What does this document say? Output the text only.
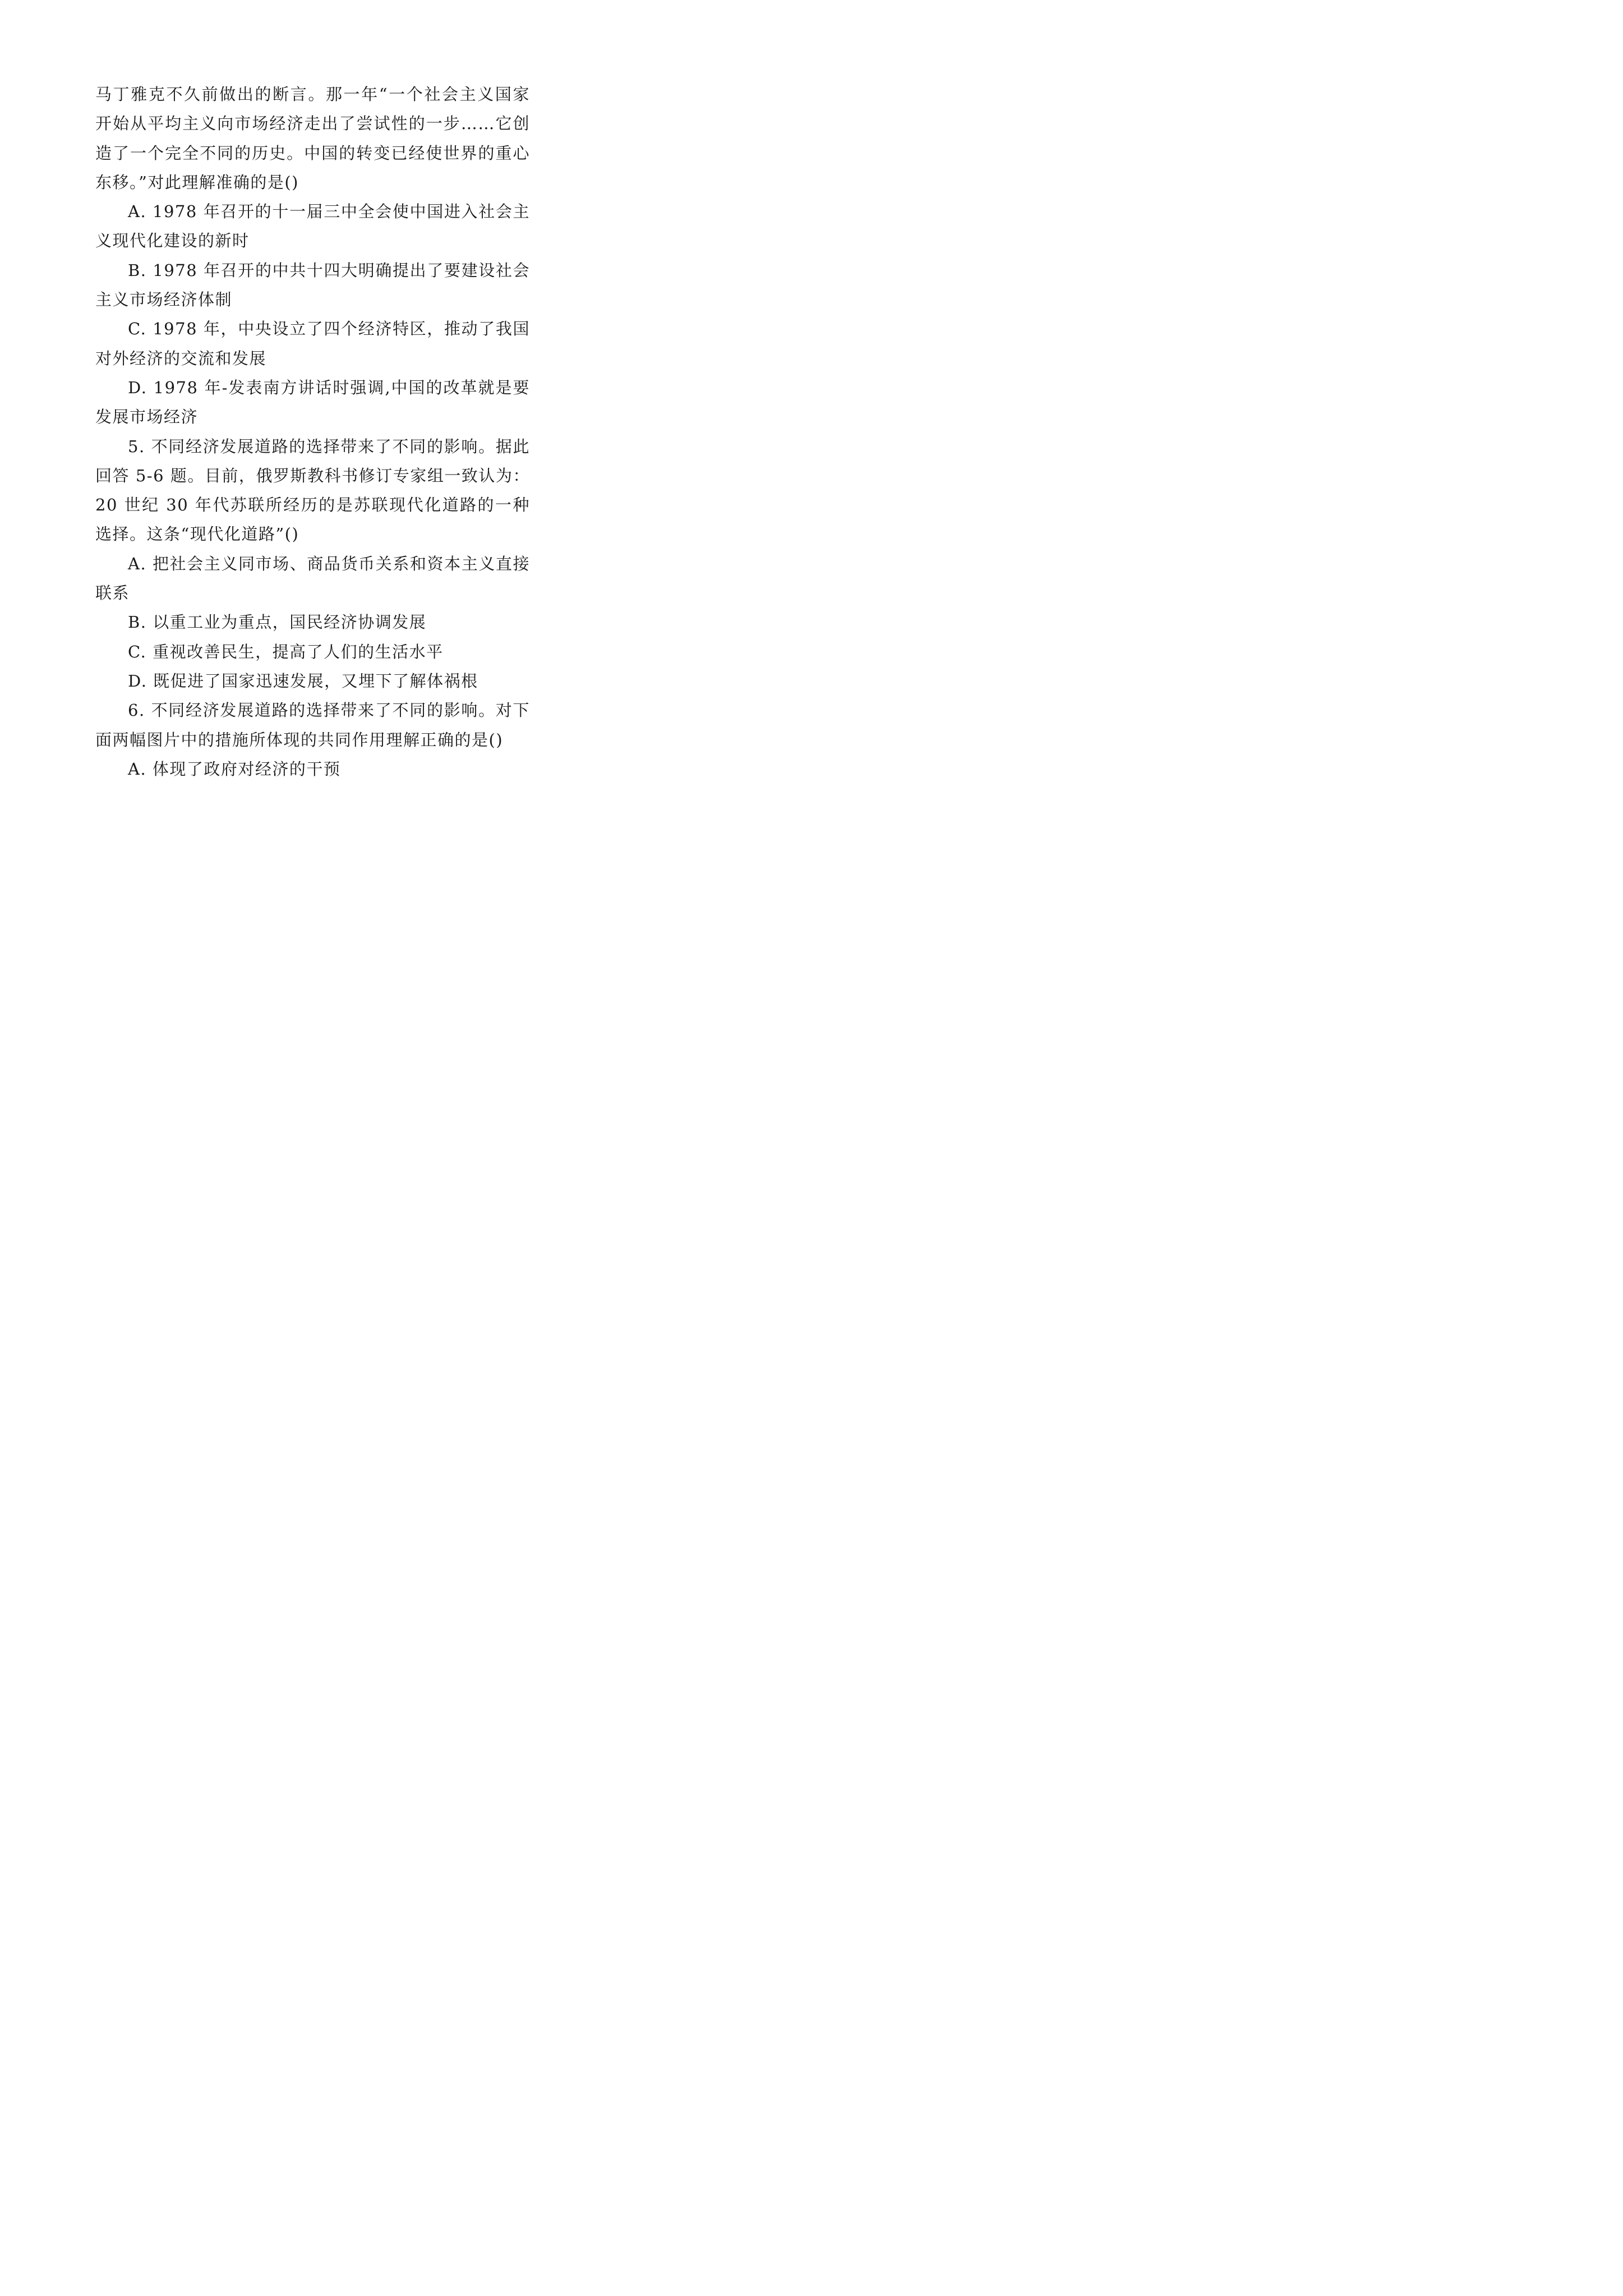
马丁雅克不久前做出的断言。那一年“一个社会主义国家开始从平均主义向市场经济走出了尝试性的一步……它创造了一个完全不同的历史。中国的转变已经使世界的重心东移。”对此理解准确的是()

A. 1978 年召开的十一届三中全会使中国进入社会主义现代化建设的新时

B. 1978 年召开的中共十四大明确提出了要建设社会主义市场经济体制

C. 1978 年，中央设立了四个经济特区，推动了我国对外经济的交流和发展

D. 1978 年-发表南方讲话时强调,中国的改革就是要发展市场经济

5. 不同经济发展道路的选择带来了不同的影响。据此回答 5-6 题。目前，俄罗斯教科书修订专家组一致认为：20 世纪 30 年代苏联所经历的是苏联现代化道路的一种选择。这条“现代化道路”()

A. 把社会主义同市场、商品货币关系和资本主义直接联系

B. 以重工业为重点，国民经济协调发展

C. 重视改善民生，提高了人们的生活水平

D. 既促进了国家迅速发展，又埋下了解体祸根

6. 不同经济发展道路的选择带来了不同的影响。对下面两幅图片中的措施所体现的共同作用理解正确的是()

A. 体现了政府对经济的干预
